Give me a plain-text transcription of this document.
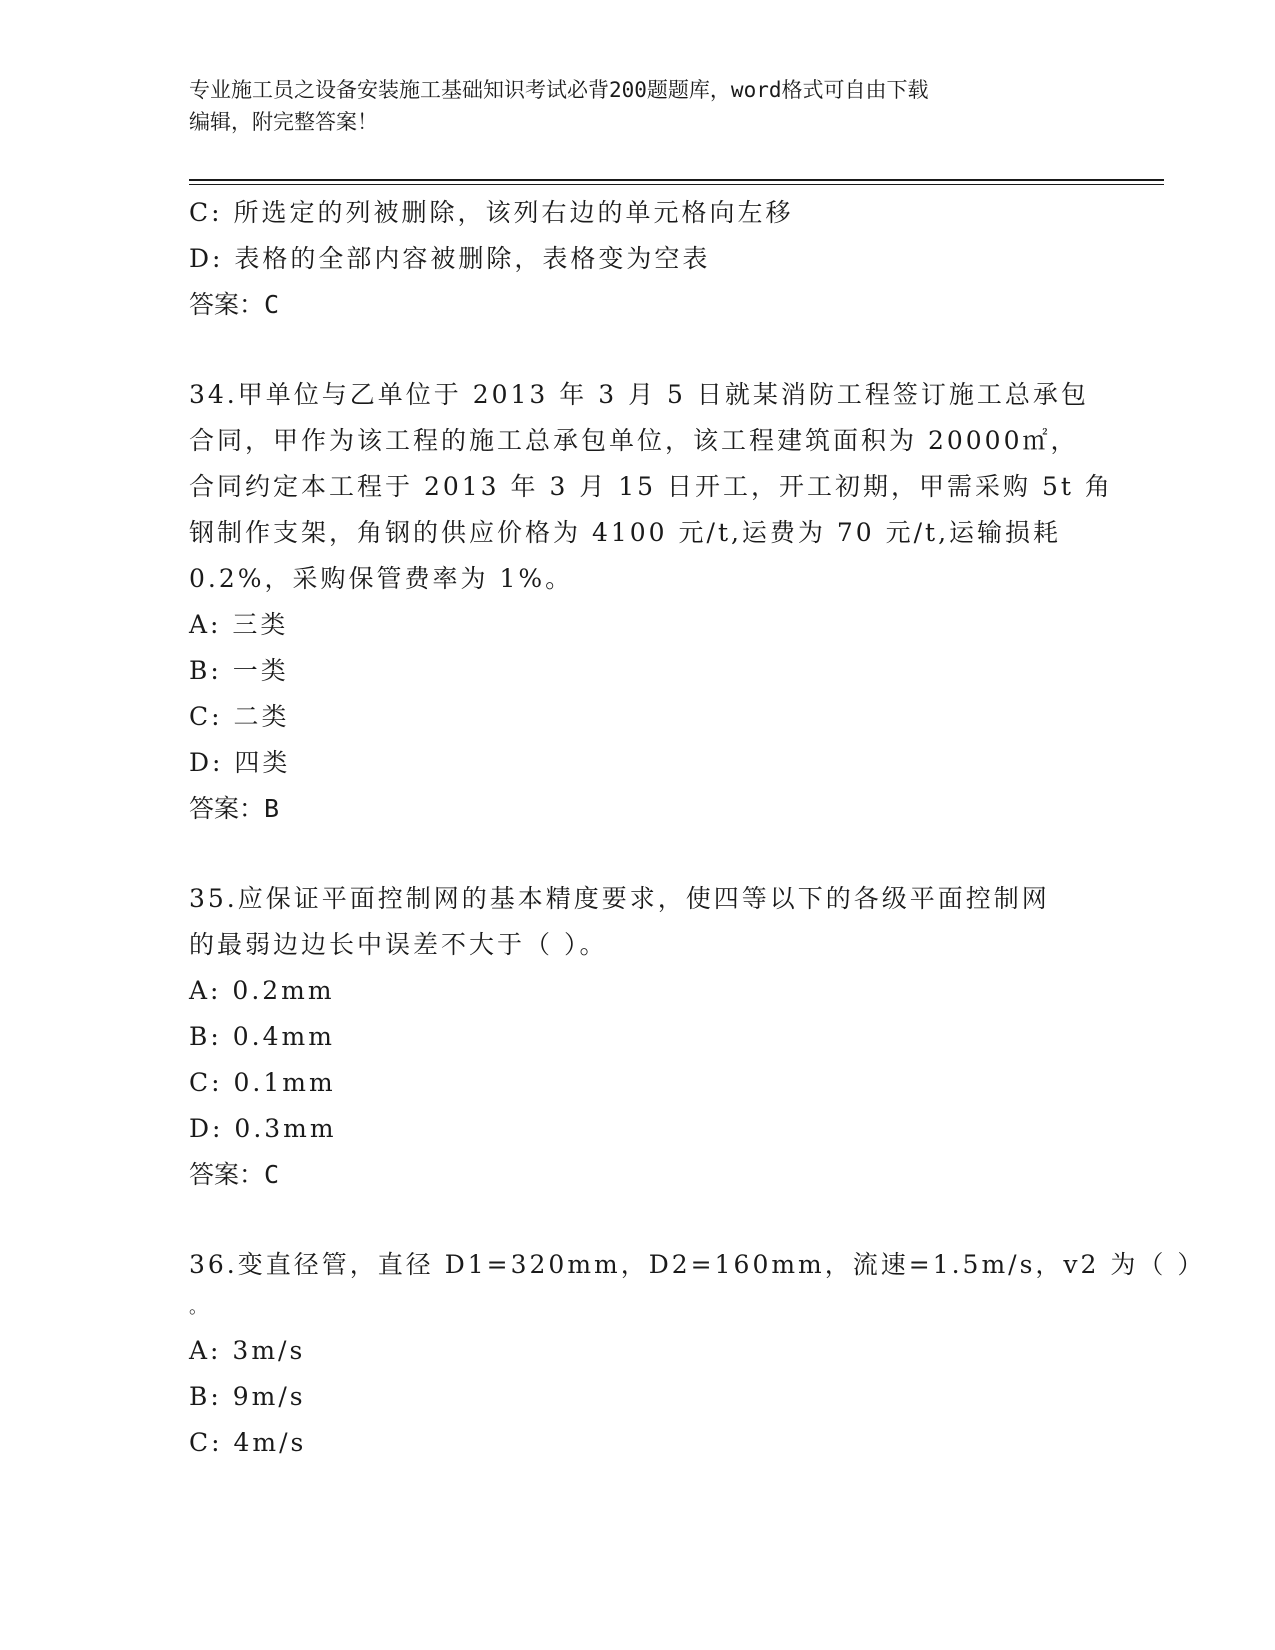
专业施工员之设备安装施工基础知识考试必背200题题库，word格式可自由下载
编辑，附完整答案！
C: 所选定的列被删除，该列右边的单元格向左移
D: 表格的全部内容被删除，表格变为空表
答案：C
34.甲单位与乙单位于 2013 年 3 月 5 日就某消防工程签订施工总承包
合同，甲作为该工程的施工总承包单位，该工程建筑面积为 20000㎡，
合同约定本工程于 2013 年 3 月 15 日开工，开工初期，甲需采购 5t 角
钢制作支架，角钢的供应价格为 4100 元/t,运费为 70 元/t,运输损耗
0.2%，采购保管费率为 1%。
A: 三类
B: 一类
C: 二类
D: 四类
答案：B
35.应保证平面控制网的基本精度要求，使四等以下的各级平面控制网
的最弱边边长中误差不大于（ ）。
A: 0.2mm
B: 0.4mm
C: 0.1mm
D: 0.3mm
答案：C
36.变直径管，直径 D1=320mm，D2=160mm，流速=1.5m/s，v2 为（ ）
。
A: 3m/s
B: 9m/s
C: 4m/s
